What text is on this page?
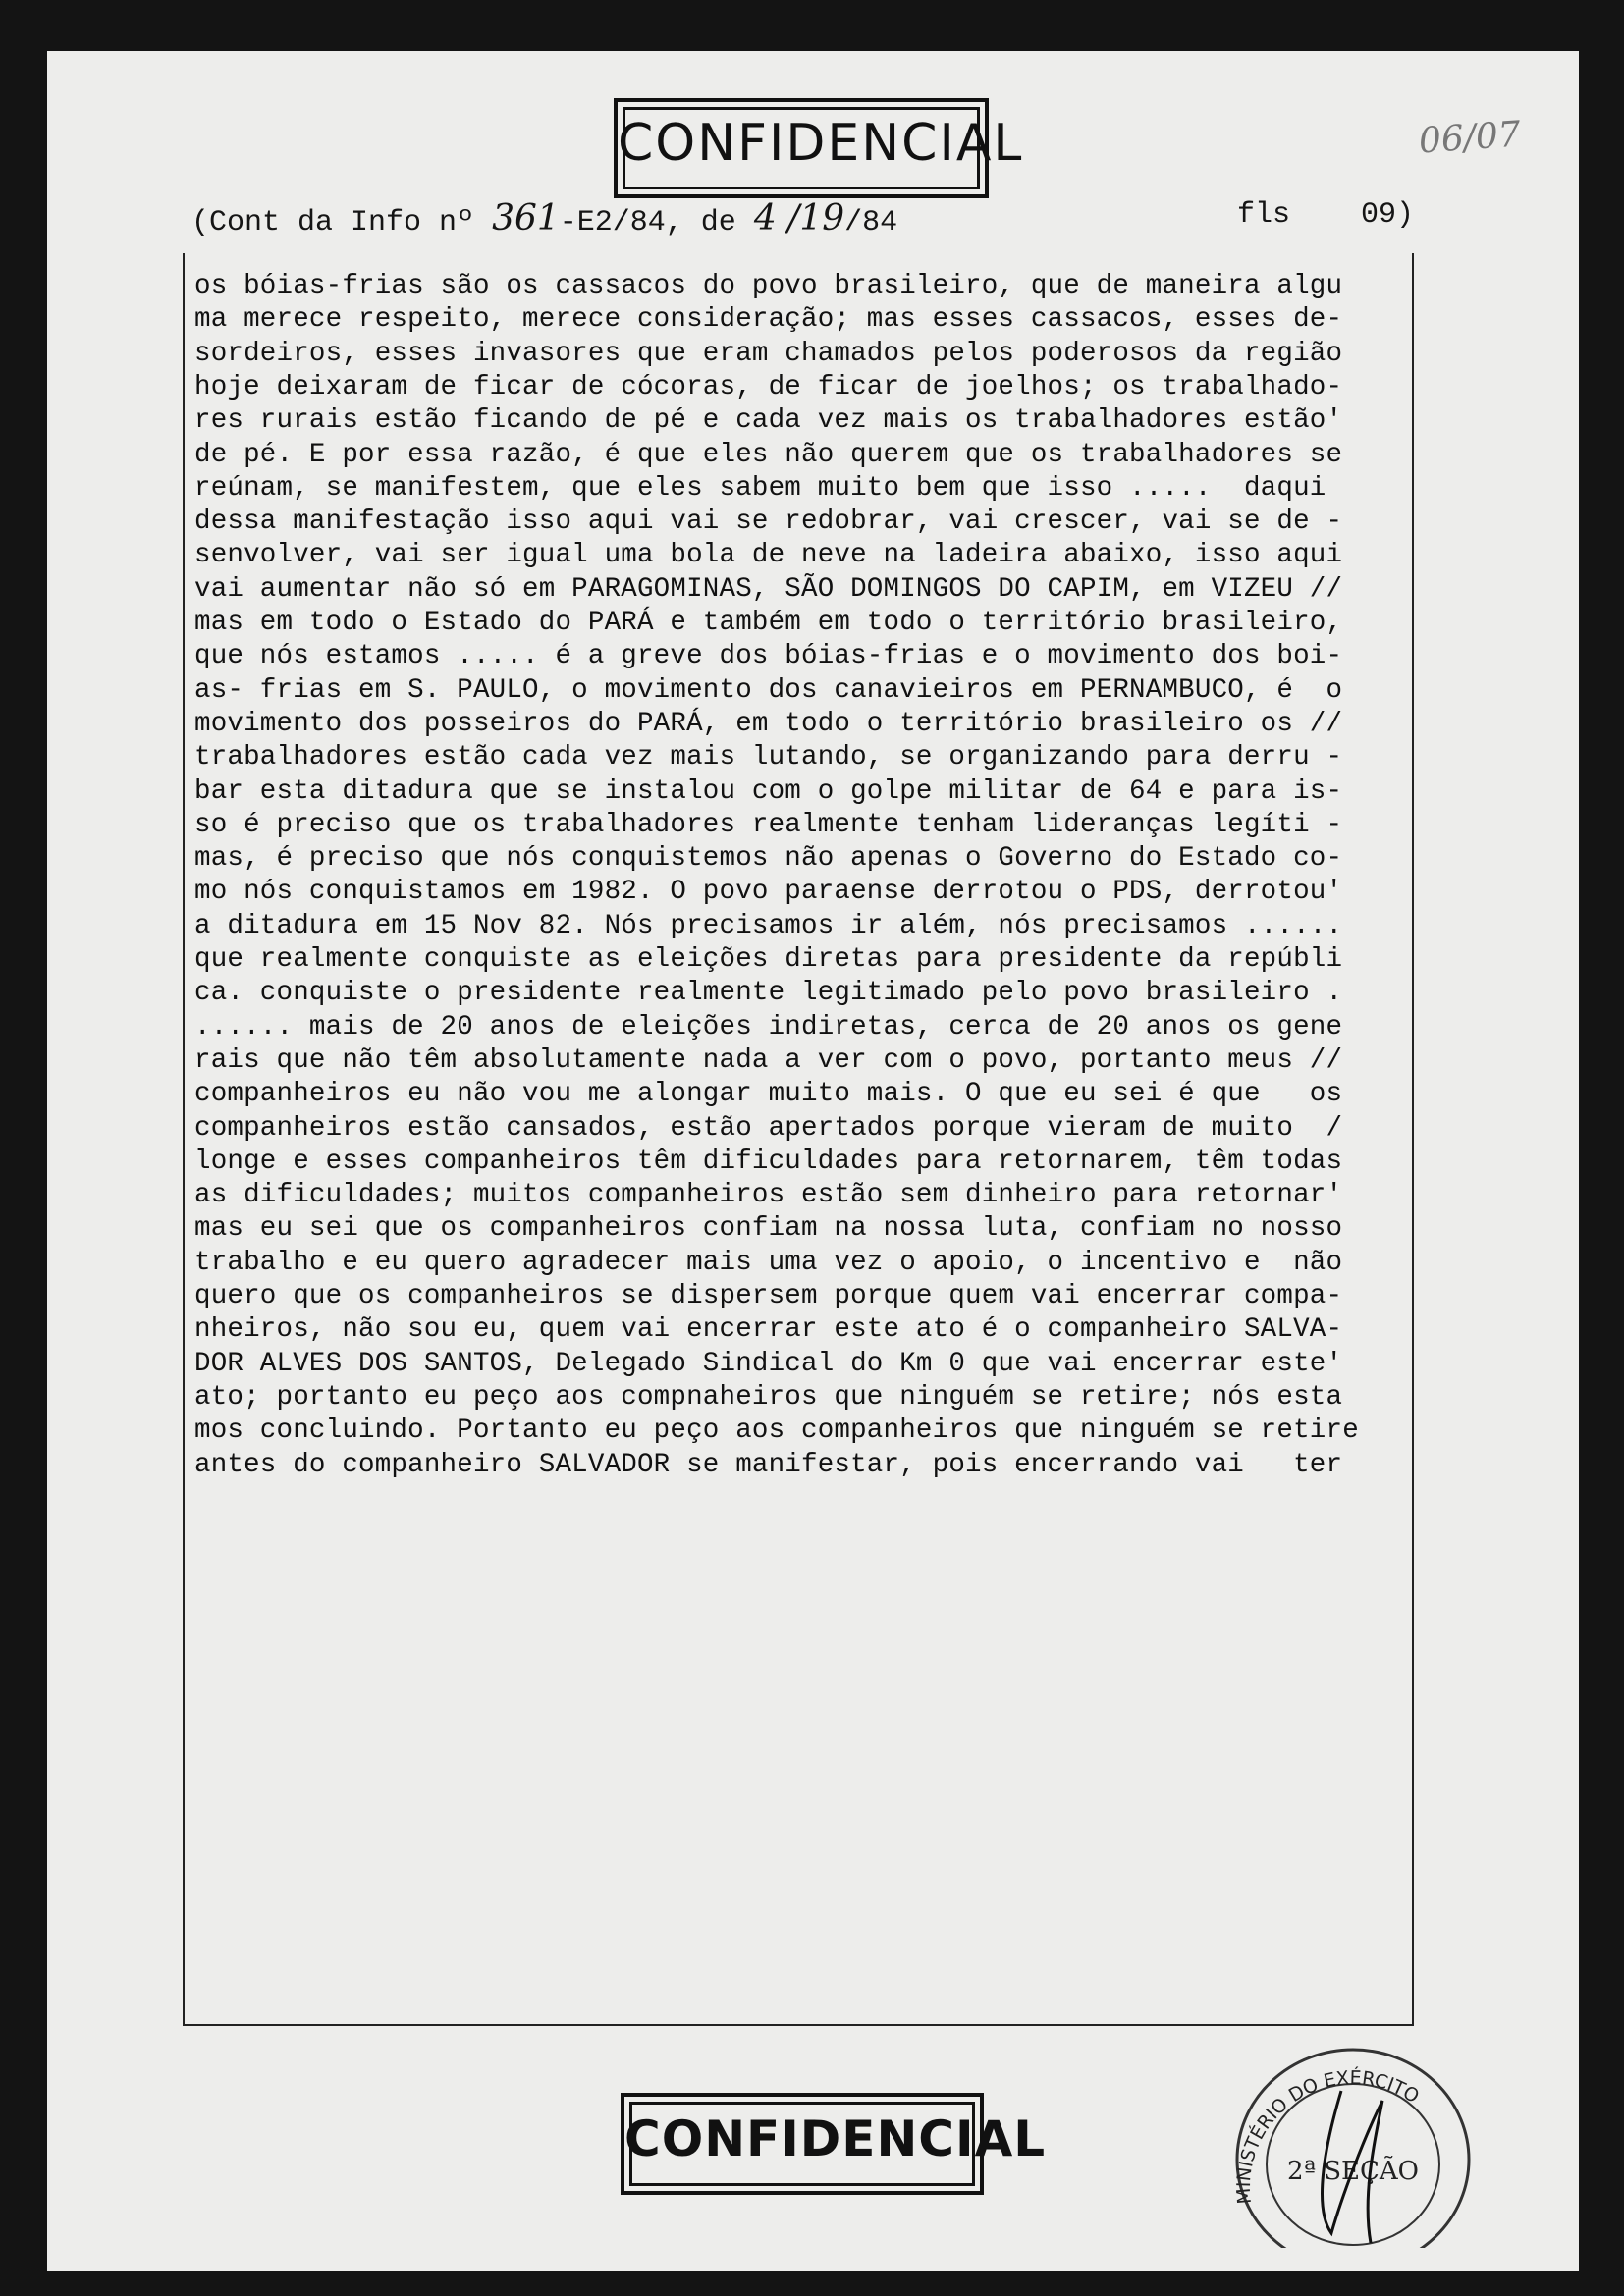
06/07
CONFIDENCIAL
(Cont da Info nº 361-E2/84, de 4 /19/84	fls 09)
os bóias-frias são os cassacos do povo brasileiro, que de maneira algu
ma merece respeito, merece consideração; mas esses cassacos, esses de-
sordeiros, esses invasores que eram chamados pelos poderosos da região
hoje deixaram de ficar de cócoras, de ficar de joelhos; os trabalhado-
res rurais estão ficando de pé e cada vez mais os trabalhadores estão'
de pé. E por essa razão, é que eles não querem que os trabalhadores se
reúnam, se manifestem, que eles sabem muito bem que isso .....  daqui
dessa manifestação isso aqui vai se redobrar, vai crescer, vai se de -
senvolver, vai ser igual uma bola de neve na ladeira abaixo, isso aqui
vai aumentar não só em PARAGOMINAS, SÃO DOMINGOS DO CAPIM, em VIZEU //
mas em todo o Estado do PARÁ e também em todo o território brasileiro,
que nós estamos ..... é a greve dos bóias-frias e o movimento dos boi-
as- frias em S. PAULO, o movimento dos canavieiros em PERNAMBUCO, é  o
movimento dos posseiros do PARÁ, em todo o território brasileiro os //
trabalhadores estão cada vez mais lutando, se organizando para derru -
bar esta ditadura que se instalou com o golpe militar de 64 e para is-
so é preciso que os trabalhadores realmente tenham lideranças legíti -
mas, é preciso que nós conquistemos não apenas o Governo do Estado co-
mo nós conquistamos em 1982. O povo paraense derrotou o PDS, derrotou'
a ditadura em 15 Nov 82. Nós precisamos ir além, nós precisamos ......
que realmente conquiste as eleições diretas para presidente da repúbli
ca. conquiste o presidente realmente legitimado pelo povo brasileiro .
...... mais de 20 anos de eleições indiretas, cerca de 20 anos os gene
rais que não têm absolutamente nada a ver com o povo, portanto meus //
companheiros eu não vou me alongar muito mais. O que eu sei é que   os
companheiros estão cansados, estão apertados porque vieram de muito  /
longe e esses companheiros têm dificuldades para retornarem, têm todas
as dificuldades; muitos companheiros estão sem dinheiro para retornar'
mas eu sei que os companheiros confiam na nossa luta, confiam no nosso
trabalho e eu quero agradecer mais uma vez o apoio, o incentivo e  não
quero que os companheiros se dispersem porque quem vai encerrar compa-
nheiros, não sou eu, quem vai encerrar este ato é o companheiro SALVA-
DOR ALVES DOS SANTOS, Delegado Sindical do Km 0 que vai encerrar este'
ato; portanto eu peço aos compnaheiros que ninguém se retire; nós esta
mos concluindo. Portanto eu peço aos companheiros que ninguém se retire
antes do companheiro SALVADOR se manifestar, pois encerrando vai   ter
CONFIDENCIAL
MINISTÉRIO DO EXÉRCITO
2ª SEÇÃO
